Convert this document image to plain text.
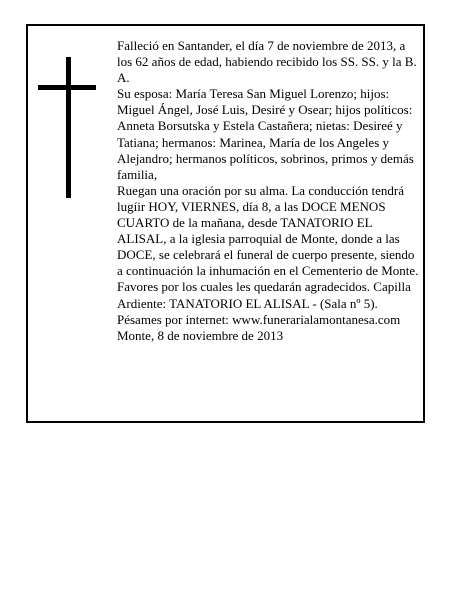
Falleció en Santander, el día 7 de noviembre de 2013, a los 62 años de edad, habiendo recibido los SS. SS. y la B. A.

Su esposa: María Teresa San Miguel Lorenzo; hijos: Miguel Ángel, José Luis, Desiré y Osear; hijos políticos: Anneta Borsutska y Estela Castañera; nietas: Desireé y Tatiana; hermanos: Marinea, María de los Angeles y Alejandro; hermanos políticos, sobrinos, primos y demás familia,

Ruegan una oración por su alma. La conducción tendrá lugíir HOY, VIERNES, día 8, a las DOCE MENOS CUARTO de la mañana, desde TANATORIO EL ALISAL, a la iglesia parroquial de Monte, donde a las DOCE, se celebrará el funeral de cuerpo presente, siendo a continuación la inhumación en el Cementerio de Monte. Favores por los cuales les quedarán agradecidos. Capilla Ardiente: TANATORIO EL ALISAL - (Sala nº 5).

Pésames por internet: www.funerarialamontanesa.com

Monte, 8 de noviembre de 2013
